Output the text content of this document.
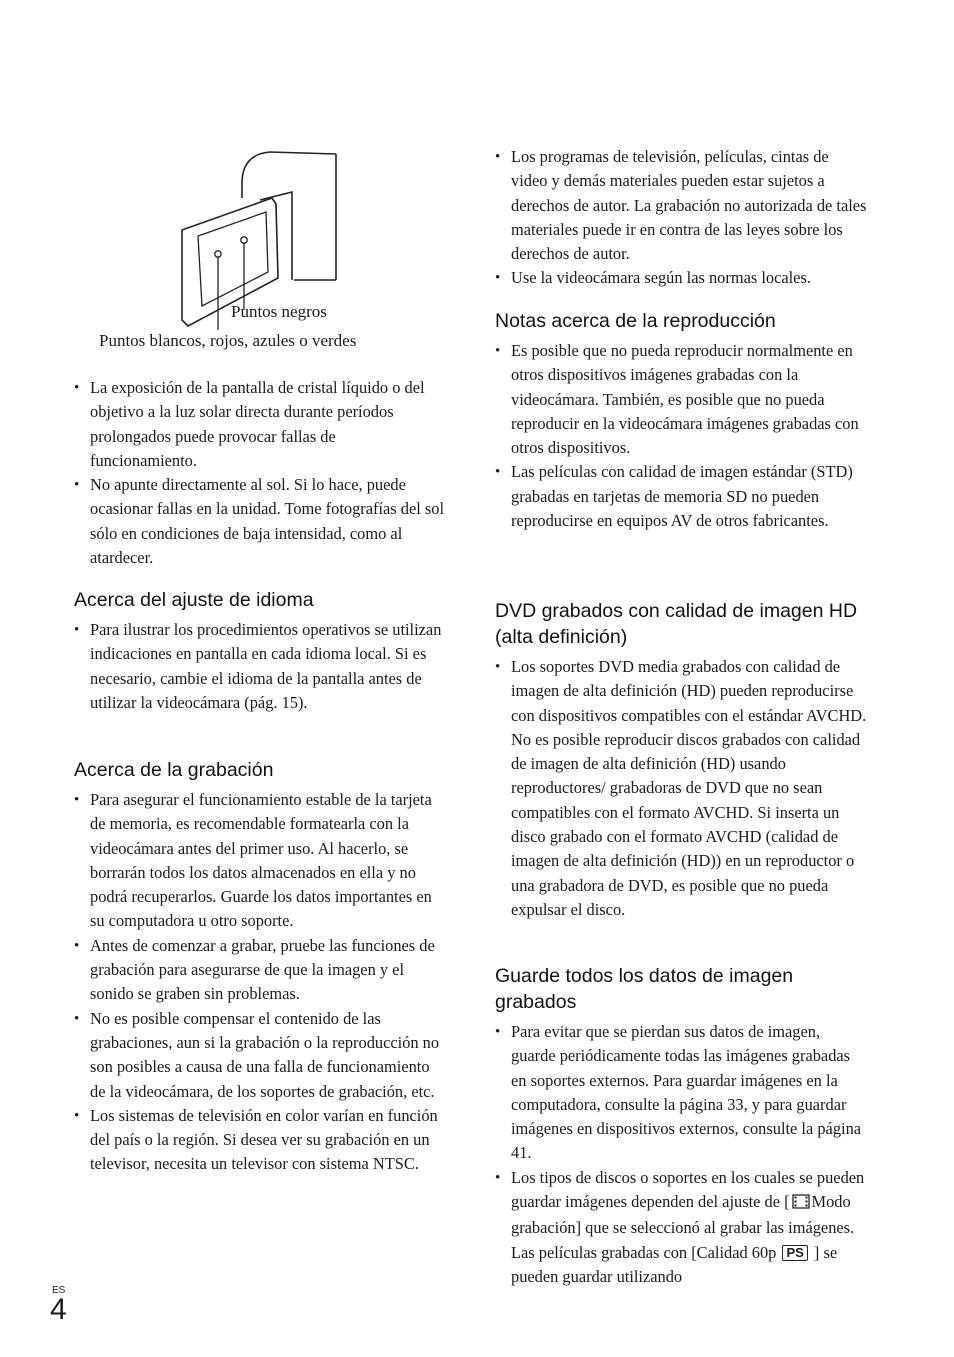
Puntos negros
Puntos blancos, rojos, azules o verdes
• La exposición de la pantalla de cristal líquido o del objetivo a la luz solar directa durante períodos prolongados puede provocar fallas de funcionamiento.
• No apunte directamente al sol. Si lo hace, puede ocasionar fallas en la unidad. Tome fotografías del sol sólo en condiciones de baja intensidad, como al atardecer.
Acerca del ajuste de idioma
• Para ilustrar los procedimientos operativos se utilizan indicaciones en pantalla en cada idioma local. Si es necesario, cambie el idioma de la pantalla antes de utilizar la videocámara (pág. 15).
Acerca de la grabación
• Para asegurar el funcionamiento estable de la tarjeta de memoria, es recomendable formatearla con la videocámara antes del primer uso. Al hacerlo, se borrarán todos los datos almacenados en ella y no podrá recuperarlos. Guarde los datos importantes en su computadora u otro soporte.
• Antes de comenzar a grabar, pruebe las funciones de grabación para asegurarse de que la imagen y el sonido se graben sin problemas.
• No es posible compensar el contenido de las grabaciones, aun si la grabación o la reproducción no son posibles a causa de una falla de funcionamiento de la videocámara, de los soportes de grabación, etc.
• Los sistemas de televisión en color varían en función del país o la región. Si desea ver su grabación en un televisor, necesita un televisor con sistema NTSC.
• Los programas de televisión, películas, cintas de video y demás materiales pueden estar sujetos a derechos de autor. La grabación no autorizada de tales materiales puede ir en contra de las leyes sobre los derechos de autor.
• Use la videocámara según las normas locales.
Notas acerca de la reproducción
• Es posible que no pueda reproducir normalmente en otros dispositivos imágenes grabadas con la videocámara. También, es posible que no pueda reproducir en la videocámara imágenes grabadas con otros dispositivos.
• Las películas con calidad de imagen estándar (STD) grabadas en tarjetas de memoria SD no pueden reproducirse en equipos AV de otros fabricantes.
DVD grabados con calidad de imagen HD (alta definición)
• Los soportes DVD media grabados con calidad de imagen de alta definición (HD) pueden reproducirse con dispositivos compatibles con el estándar AVCHD. No es posible reproducir discos grabados con calidad de imagen de alta definición (HD) usando reproductores/ grabadoras de DVD que no sean compatibles con el formato AVCHD. Si inserta un disco grabado con el formato AVCHD (calidad de imagen de alta definición (HD)) en un reproductor o una grabadora de DVD, es posible que no pueda expulsar el disco.
Guarde todos los datos de imagen grabados
• Para evitar que se pierdan sus datos de imagen, guarde periódicamente todas las imágenes grabadas en soportes externos. Para guardar imágenes en la computadora, consulte la página 33, y para guardar imágenes en dispositivos externos, consulte la página 41.
• Los tipos de discos o soportes en los cuales se pueden guardar imágenes dependen del ajuste de [ Modo grabación] que se seleccionó al grabar las imágenes. Las películas grabadas con [Calidad 60p PS ] se pueden guardar utilizando
ES
4
